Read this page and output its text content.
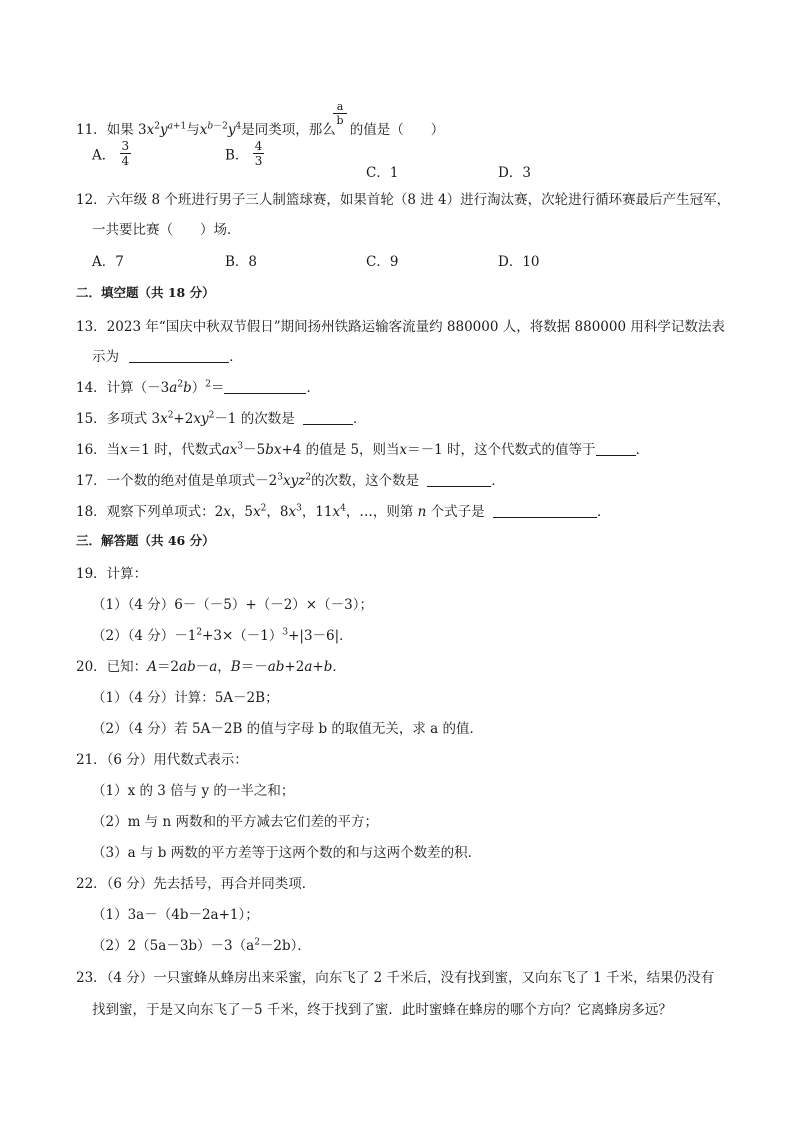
11．如果 $3x^2y^{a+1}$与$x^{b-2}y^4$是同类项，那么 的值是（　　）
$\frac{a}{b}$
A． $\frac{3}{4}$	B． $\frac{4}{3}$
C．1	D．3
12．六年级 8 个班进行男子三人制篮球赛，如果首轮（8 进 4）进行淘汰赛，次轮进行循环赛最后产生冠军，
一共要比赛（　　）场．
A．7	B．8	C．9	D．10
二．填空题（共 18 分）
13．2023 年“国庆中秋双节假日”期间扬州铁路运输客流量约 880000 人，将数据 880000 用科学记数法表
示为	．
14．计算$(-3a^2b)^2=$	．
15．多项式 $3x^2+2xy^2-1$ 的次数是	．
16．当x＝1 时，代数式$ax^3-5bx+4$ 的值是 5，则当x＝－1 时，这个代数式的值等于	．
17．一个数的绝对值是单项式$-2^3xyz^2$的次数，这个数是	．
18．观察下列单项式：2x，$5x^2$，$8x^3$，$11x^4$，…，则第 n 个式子是	．
三．解答题（共 46 分）
19．计算：
（1）（4 分）6－（－5）+（－2）×（－3）；
（2）（4 分）$-1^2+3\times(-1)^3+|3-6|$．
20．已知：A＝2ab－a，B＝－ab+2a+b．
（1）（4 分）计算：5A－2B；
（2）（4 分）若 5A－2B 的值与字母 b 的取值无关，求 a 的值．
21．（6 分）用代数式表示：
（1）x 的 3 倍与 y 的一半之和；
（2）m 与 n 两数和的平方减去它们差的平方；
（3）a 与 b 两数的平方差等于这两个数的和与这两个数差的积．
22．（6 分）先去括号，再合并同类项．
（1）3a－（4b－2a+1）；
$(2)2(5a-3b)-3(a^2-2b)$．
23．（4 分）一只蜜蜂从蜂房出来采蜜，向东飞了 2 千米后，没有找到蜜，又向东飞了 1 千米，结果仍没有
找到蜜，于是又向东飞了－5 千米，终于找到了蜜．此时蜜蜂在蜂房的哪个方向？它离蜂房多远？
